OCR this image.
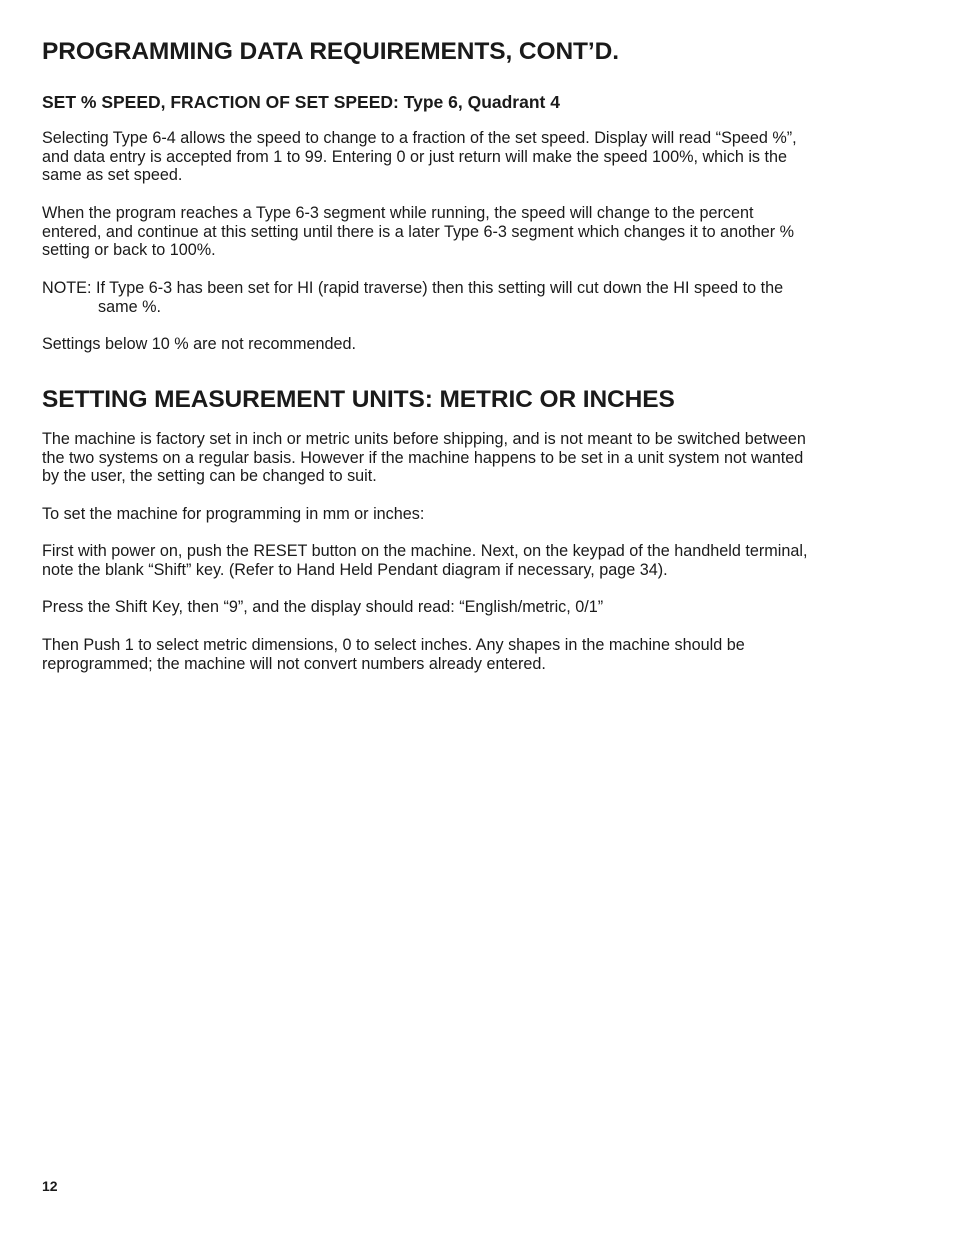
PROGRAMMING DATA REQUIREMENTS, CONT’D.
SET % SPEED, FRACTION OF SET SPEED: Type 6, Quadrant 4
Selecting Type 6-4 allows the speed to change to a fraction of the set speed. Display will read “Speed %”,
and data entry is accepted from 1 to 99. Entering 0 or just return will make the speed 100%, which is the
same as set speed.
When the program reaches a Type 6-3 segment while running, the speed will change to the percent
entered, and continue at this setting until there is a later Type 6-3 segment which changes it to another %
setting or back to 100%.
NOTE: If Type 6-3 has been set for HI (rapid traverse) then this setting will cut down the HI speed to the
same %.
Settings below 10 % are not recommended.
SETTING MEASUREMENT UNITS: METRIC OR INCHES
The machine is factory set in inch or metric units before shipping, and is not meant to be switched between
the two systems on a regular basis. However if the machine happens to be set in a unit system not wanted
by the user, the setting can be changed to suit.
To set the machine for programming in mm or inches:
First with power on, push the RESET button on the machine. Next, on the keypad of the handheld terminal,
note the blank “Shift” key. (Refer to Hand Held Pendant diagram if necessary, page 34).
Press the Shift Key, then “9”, and the display should read: “English/metric, 0/1”
Then Push 1 to select metric dimensions, 0 to select inches. Any shapes in the machine should be
reprogrammed; the machine will not convert numbers already entered.
12
